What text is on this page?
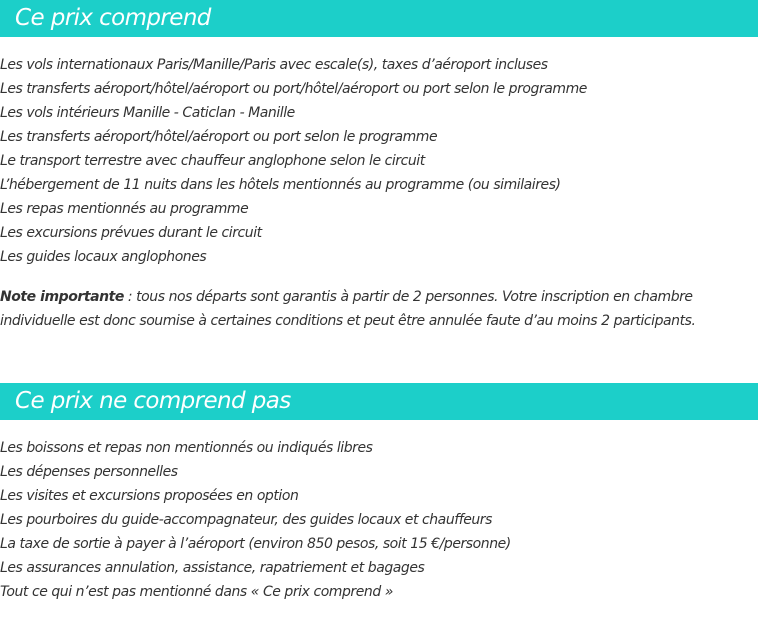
Ce prix comprend
Les vols internationaux Paris/Manille/Paris avec escale(s), taxes d’aéroport incluses
Les transferts aéroport/hôtel/aéroport ou port/hôtel/aéroport ou port selon le programme
Les vols intérieurs Manille - Caticlan - Manille
Les transferts aéroport/hôtel/aéroport ou port selon le programme
Le transport terrestre avec chauffeur anglophone selon le circuit
L’hébergement de 11 nuits dans les hôtels mentionnés au programme (ou similaires)
Les repas mentionnés au programme
Les excursions prévues durant le circuit
Les guides locaux anglophones

Note importante : tous nos départs sont garantis à partir de 2 personnes. Votre inscription en chambre individuelle est donc soumise à certaines conditions et peut être annulée faute d’au moins 2 participants.

Ce prix ne comprend pas
Les boissons et repas non mentionnés ou indiqués libres
Les dépenses personnelles
Les visites et excursions proposées en option
Les pourboires du guide-accompagnateur, des guides locaux et chauffeurs
La taxe de sortie à payer à l’aéroport (environ 850 pesos, soit 15 €/personne)
Les assurances annulation, assistance, rapatriement et bagages
Tout ce qui n’est pas mentionné dans « Ce prix comprend »
